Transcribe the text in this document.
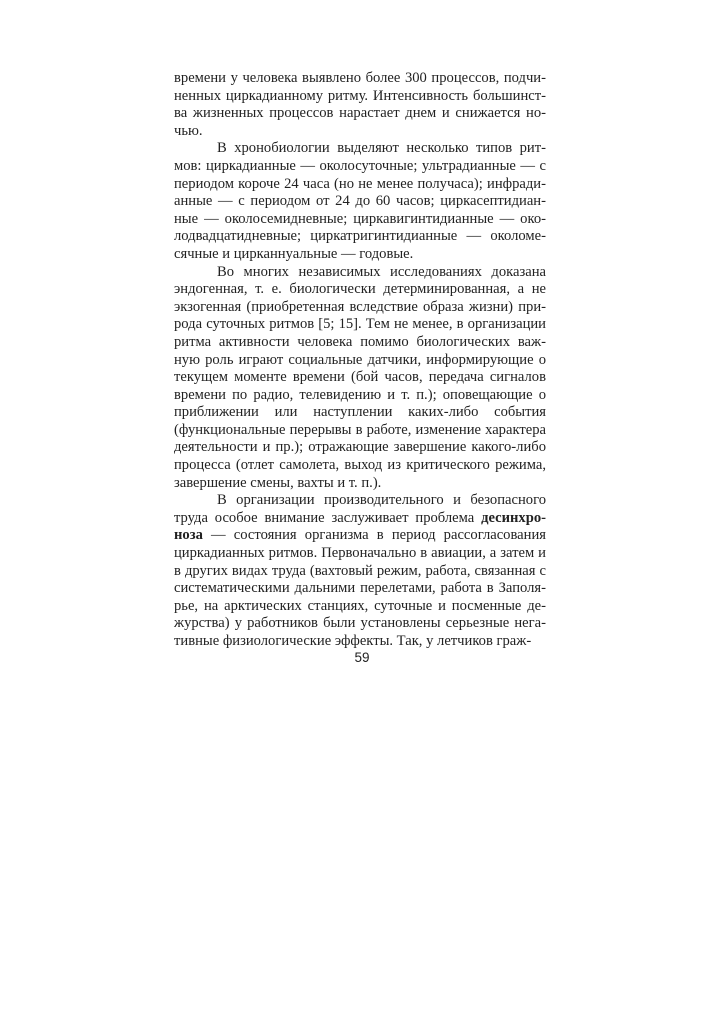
времени у человека выявлено более 300 процессов, подчиненных циркадианному ритму. Интенсивность большинства жизненных процессов нарастает днем и снижается ночью.

В хронобиологии выделяют несколько типов ритмов: циркадианные — околосуточные; ультрадианные — с периодом короче 24 часа (но не менее получаса); инфрадианные — с периодом от 24 до 60 часов; циркасептидианные — околосемидневные; циркавигинтидианные — околодвадцатидневные; циркатригинтидианные — околомесячные и цирканнуальные — годовые.

Во многих независимых исследованиях доказана эндогенная, т. е. биологически детерминированная, а не экзогенная (приобретенная вследствие образа жизни) природа суточных ритмов [5; 15]. Тем не менее, в организации ритма активности человека помимо биологических важную роль играют социальные датчики, информирующие о текущем моменте времени (бой часов, передача сигналов времени по радио, телевидению и т. п.); оповещающие о приближении или наступлении каких-либо события (функциональные перерывы в работе, изменение характера деятельности и пр.); отражающие завершение какого-либо процесса (отлет самолета, выход из критического режима, завершение смены, вахты и т. п.).

В организации производительного и безопасного труда особое внимание заслуживает проблема десинхроноза — состояния организма в период рассогласования циркадианных ритмов. Первоначально в авиации, а затем и в других видах труда (вахтовый режим, работа, связанная с систематическими дальними перелетами, работа в Заполярье, на арктических станциях, суточные и посменные дежурства) у работников были установлены серьезные негативные физиологические эффекты. Так, у летчиков граж-

59
